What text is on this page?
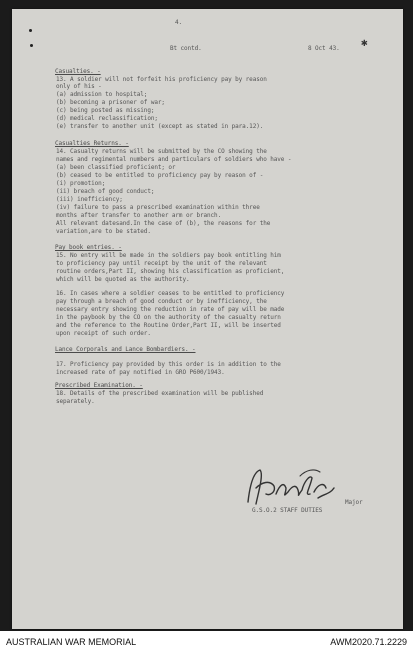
4.
Bt contd.	8 Oct 43. ✱
Casualties. -
13. A soldier will not forfeit his proficiency pay by reason
only of his -
(a) admission to hospital;
(b) becoming a prisoner of war;
(c) being posted as missing;
(d) medical reclassification;
(e) transfer to another unit (except as stated in para.12).
Casualties Returns. -
14. Casualty returns will be submitted by the CO showing the
names and regimental numbers and particulars of soldiers who have -
(a) been classified proficient; or
(b) ceased to be entitled to proficiency pay by reason of -
(i) promotion;
(ii) breach of good conduct;
(iii) inefficiency;
(iv) failure to pass a prescribed examination within three
months after transfer to another arm or branch.
All relevant datesand.In the case of (b), the reasons for the
variation,are to be stated.
Pay book entries. -
15. No entry will be made in the soldiers pay book entitling him
to proficiency pay until receipt by the unit of the relevant
routine orders,Part II, showing his classification as proficient,
which will be quoted as the authority.
16. In cases where a soldier ceases to be entitled to proficiency
pay through a breach of good conduct or by inefficiency, the
necessary entry showing the reduction in rate of pay will be made
in the paybook by the CO on the authority of the casualty return
and the reference to the Routine Order,Part II, will be inserted
upon receipt of such order.
Lance Corporals and Lance Bombardiers. -
17. Proficiency pay provided by this order is in addition to the
increased rate of pay notified in GRO P600/1943.
Prescribed Examination. -
18. Details of the prescribed examination will be published
separately.
Major
G.S.O.2 STAFF DUTIES
AUSTRALIAN WAR MEMORIAL	AWM2020.71.2229
